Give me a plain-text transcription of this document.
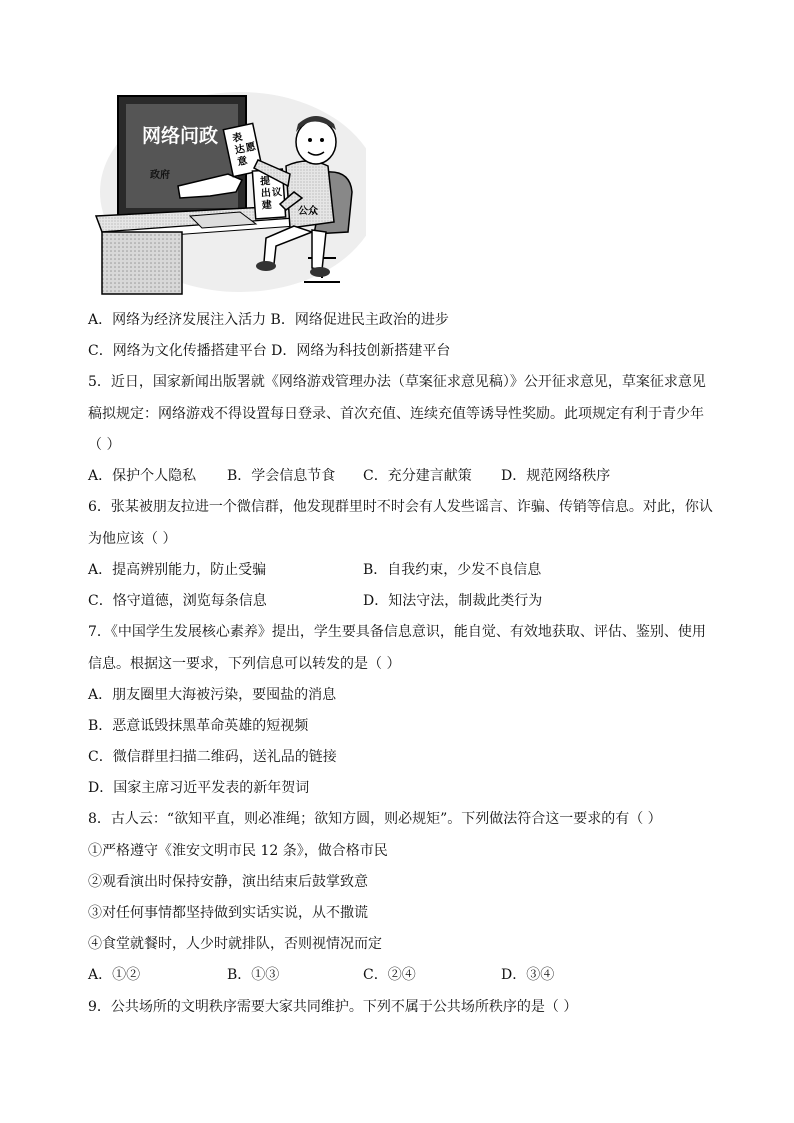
网络问政
政府
表
达
意
愿
提
出
建
议
公众
A．网络为经济发展注入活力 B．网络促进民主政治的进步
C．网络为文化传播搭建平台 D．网络为科技创新搭建平台
5．近日，国家新闻出版署就《网络游戏管理办法（草案征求意见稿）》公开征求意见，草案征求意见
稿拟规定：网络游戏不得设置每日登录、首次充值、连续充值等诱导性奖励。此项规定有利于青少年
（ ）
A．保护个人隐私 B．学会信息节食 C．充分建言献策 D．规范网络秩序
6．张某被朋友拉进一个微信群，他发现群里时不时会有人发些谣言、诈骗、传销等信息。对此，你认
为他应该（ ）
A．提高辨别能力，防止受骗	B．自我约束，少发不良信息
C．恪守道德，浏览每条信息	D．知法守法，制裁此类行为
7．《中国学生发展核心素养》提出，学生要具备信息意识，能自觉、有效地获取、评估、鉴别、使用
信息。根据这一要求，下列信息可以转发的是（ ）
A．朋友圈里大海被污染，要囤盐的消息
B．恶意诋毁抹黑革命英雄的短视频
C．微信群里扫描二维码，送礼品的链接
D．国家主席习近平发表的新年贺词
8．古人云：“欲知平直，则必准绳；欲知方圆，则必规矩”。下列做法符合这一要求的有（ ）
①严格遵守《淮安文明市民 12 条》，做合格市民
②观看演出时保持安静，演出结束后鼓掌致意
③对任何事情都坚持做到实话实说，从不撒谎
④食堂就餐时，人少时就排队，否则视情况而定
A．①②	B．①③	C．②④	D．③④
9．公共场所的文明秩序需要大家共同维护。下列不属于公共场所秩序的是（ ）
